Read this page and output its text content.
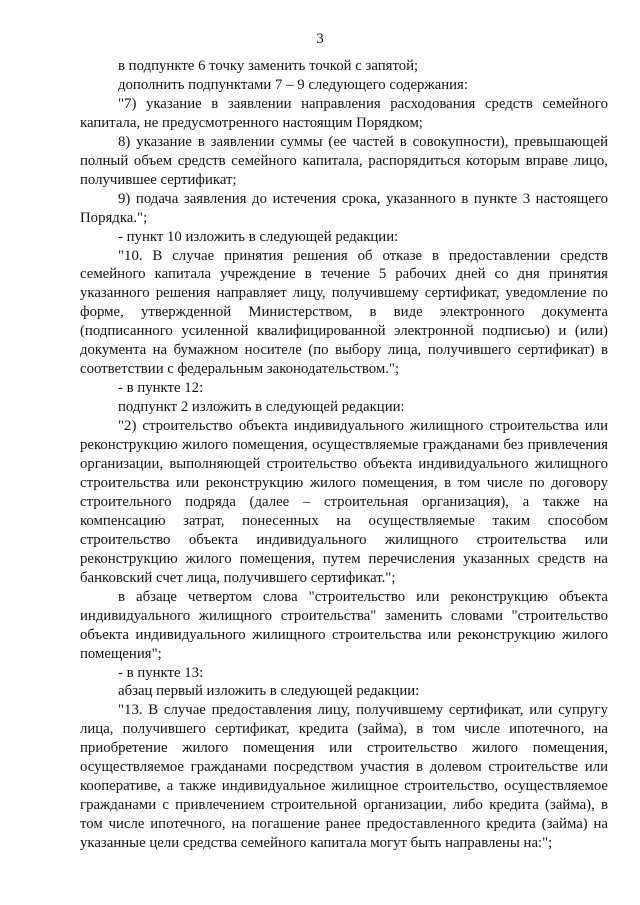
3

в подпункте 6 точку заменить точкой с запятой;

дополнить подпунктами 7 – 9 следующего содержания:

"7) указание в заявлении направления расходования средств семейного капитала, не предусмотренного настоящим Порядком;

8) указание в заявлении суммы (ее частей в совокупности), превышающей полный объем средств семейного капитала, распорядиться которым вправе лицо, получившее сертификат;

9) подача заявления до истечения срока, указанного в пункте 3 настоящего Порядка.";

- пункт 10 изложить в следующей редакции:

"10. В случае принятия решения об отказе в предоставлении средств семейного капитала учреждение в течение 5 рабочих дней со дня принятия указанного решения направляет лицу, получившему сертификат, уведомление по форме, утвержденной Министерством, в виде электронного документа (подписанного усиленной квалифицированной электронной подписью) и (или) документа на бумажном носителе (по выбору лица, получившего сертификат) в соответствии с федеральным законодательством.";

- в пункте 12:

подпункт 2 изложить в следующей редакции:

"2) строительство объекта индивидуального жилищного строительства или реконструкцию жилого помещения, осуществляемые гражданами без привлечения организации, выполняющей строительство объекта индивидуального жилищного строительства или реконструкцию жилого помещения, в том числе по договору строительного подряда (далее – строительная организация), а также на компенсацию затрат, понесенных на осуществляемые таким способом строительство объекта индивидуального жилищного строительства или реконструкцию жилого помещения, путем перечисления указанных средств на банковский счет лица, получившего сертификат.";

в абзаце четвертом слова "строительство или реконструкцию объекта индивидуального жилищного строительства" заменить словами "строительство объекта индивидуального жилищного строительства или реконструкцию жилого помещения";

- в пункте 13:

абзац первый изложить в следующей редакции:

"13. В случае предоставления лицу, получившему сертификат, или супругу лица, получившего сертификат, кредита (займа), в том числе ипотечного, на приобретение жилого помещения или строительство жилого помещения, осуществляемое гражданами посредством участия в долевом строительстве или кооперативе, а также индивидуальное жилищное строительство, осуществляемое гражданами с привлечением строительной организации, либо кредита (займа), в том числе ипотечного, на погашение ранее предоставленного кредита (займа) на указанные цели средства семейного капитала могут быть направлены на:";
